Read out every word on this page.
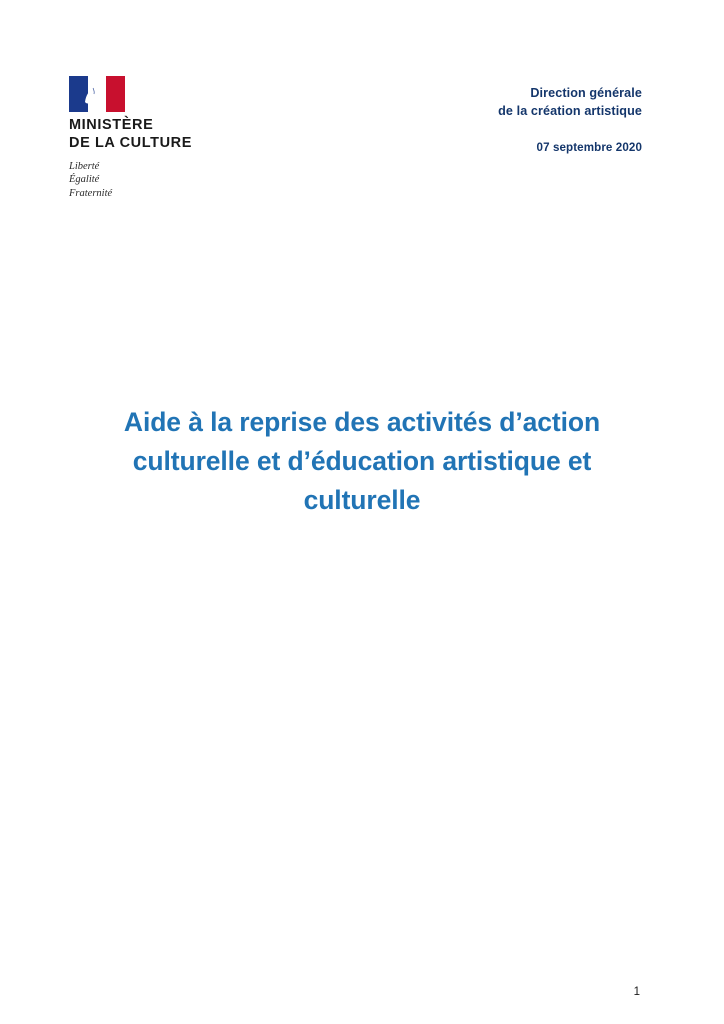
MINISTÈRE
DE LA CULTURE
Liberté
Égalité
Fraternité
Direction générale
de la création artistique
07 septembre 2020
Aide à la reprise des activités d’action culturelle et d’éducation artistique et culturelle
1
